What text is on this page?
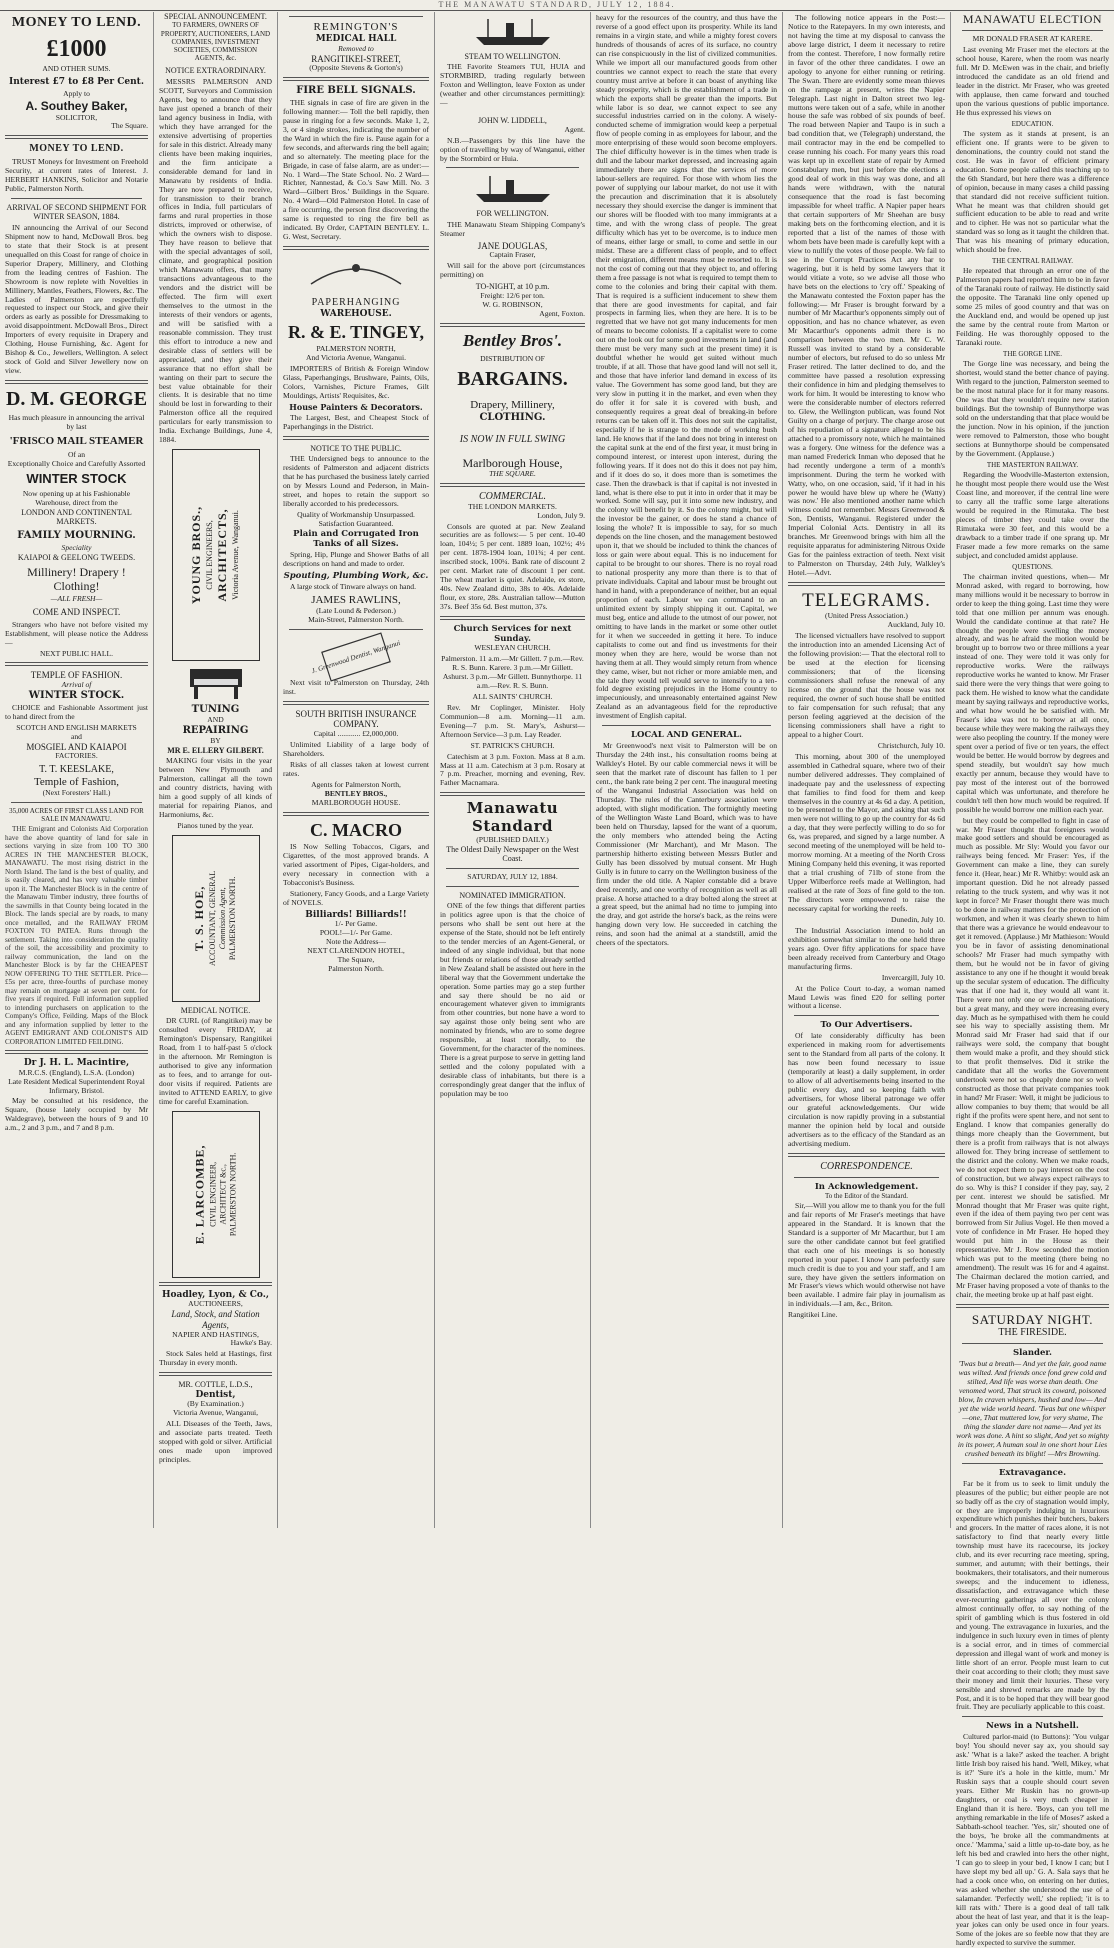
THE MANAWATU STANDARD, JULY 12, 1884.
MONEY TO LEND.
£1000
AND OTHER SUMS.
Interest £7 to £8 Per Cent.
Apply to
A. Southey Baker,
SOLICITOR,
The Square.
MONEY TO LEND.

TRUST Moneys for Investment on Freehold Security, at current rates of Interest. J. HERBERT HANKINS, Solicitor and Notarie Public, Palmerston North.

ARRIVAL OF SECOND SHIPMENT FOR WINTER SEASON, 1884.

IN announcing the Arrival of our Second Shipment now to hand, McDowall Bros. beg to state that their Stock is at present unequalled on this Coast for range of choice in Superior Drapery, Millinery, and Clothing from the leading centres of Fashion. The Showroom is now replete with Novelties in Millinery, Mantles, Feathers, Flowers, &c. The Ladies of Palmerston are respectfully requested to inspect our Stock, and give their orders as early as possible for Dressmaking to avoid disappointment. McDowall Bros., Direct Importers of every requisite in Drapery and Clothing, House Furnishing, &c. Agent for Bishop & Co., Jewellers, Wellington. A select stock of Gold and Silver Jewellery now on view.

D. M. GEORGE
Has much pleasure in announcing the arrival by last
'FRISCO MAIL STEAMER
Of an
Exceptionally Choice and Carefully Assorted
WINTER STOCK
Now opening up at his Fashionable Warehouse, direct from the
LONDON AND CONTINENTAL MARKETS.
FAMILY MOURNING.
Speciality
KAIAPOI & GEELONG TWEEDS.
Millinery! Drapery ! Clothing!
—ALL FRESH—
COME AND INSPECT.

Strangers who have not before visited my Establishment, will please notice the Address—

NEXT PUBLIC HALL.
TEMPLE OF FASHION.
Arrival of
WINTER STOCK.

CHOICE and Fashionable Assortment just to hand direct from the

SCOTCH AND ENGLISH MARKETS
and
MOSGIEL AND KAIAPOI
FACTORIES.
T. T. KEESLAKE,
Temple of Fashion,
(Next Foresters' Hall.)
35,000 ACRES OF FIRST CLASS LAND FOR SALE IN MANAWATU.

THE Emigrant and Colonists Aid Corporation have the above quantity of land for sale in sections varying in size from 100 TO 300 ACRES IN THE MANCHESTER BLOCK, MANAWATU. The most rising district in the North Island. The land is the best of quality, and is easily cleared, and has very valuable timber upon it. The Manchester Block is in the centre of the Manawatu Timber industry, three fourths of the sawmills in that County being located in the Block. The lands special are by roads, to many once metalled, and the RAILWAY FROM FOXTON TO PATEA. Runs through the settlement. Taking into consideration the quality of the soil, the accessibility and proximity to railway communication, the land on the Manchester Block is by far the CHEAPEST NOW OFFERING TO THE SETTLER. Price—£5s per acre, three-fourths of purchase money may remain on mortgage at seven per cent. for five years if required. Full information supplied to intending purchasers on application to the Company's Office, Feilding. Maps of the Block and any information supplied by letter to the AGENT EMIGRANT AND COLONIST'S AID CORPORATION LIMITED FEILDING.

Dr J. H. L. Macintire,
M.R.C.S. (England), L.S.A. (London)
Late Resident Medical Superintendent Royal Infirmary, Bristol.

May be consulted at his residence, the Square, (house lately occupied by Mr Waldegrave), between the hours of 9 and 10 a.m., 2 and 3 p.m., and 7 and 8 p.m.

SPECIAL ANNOUNCEMENT.
TO FARMERS, OWNERS OF PROPERTY, AUCTIONEERS, LAND COMPANIES, INVESTMENT SOCIETIES, COMMISSION AGENTS, &c.
NOTICE EXTRAORDINARY.

MESSRS PALMERSON AND SCOTT, Surveyors and Commission Agents, beg to announce that they have just opened a branch of their land agency business in India, with which they have arranged for the extensive advertising of properties for sale in this district. Already many clients have been making inquiries, and the firm anticipate a considerable demand for land in Manawatu by residents of India. They are now prepared to receive, for transmission to their branch offices in India, full particulars of farms and rural properties in those districts, improved or otherwise, of which the owners wish to dispose. They have reason to believe that with the special advantages of soil, climate, and geographical position which Manawatu offers, that many transactions advantageous to the vendors and the district will be effected. The firm will exert themselves to the utmost in the interests of their vendors or agents, and will be satisfied with a reasonable commission. They trust this effort to introduce a new and desirable class of settlers will be appreciated, and they give their assurance that no effort shall be wanting on their part to secure the best value obtainable for their clients. It is desirable that no time should be lost in forwarding to their Palmerston office all the required particulars for early transmission to India. Exchange Buildings, June 4, 1884.

YOUNG BROS., CIVIL ENGINEERS, ARCHITECTS, Victoria Avenue, Wanganui.
TUNING
AND
REPAIRING
BY
MR E. ELLERY GILBERT.

MAKING four visits in the year between New Plymouth and Palmerston, callingat all the town and country districts, having with him a good supply of all kinds of material for repairing Pianos, and Harmoniums, &c.

Pianos tuned by the year.
T. S. HOE, ACCOUNTANT, GENERAL Commission Agent, PALMERSTON NORTH.
MEDICAL NOTICE.

DR CURL (of Rangitikei) may be consulted every FRIDAY, at Remington's Dispensary, Rangitikei Road, from 1 to half-past 5 o'clock in the afternoon. Mr Remington is authorised to give any information as to fees, and to arrange for out-door visits if required. Patients are invited to ATTEND EARLY, to give time for careful Examination.

E. LARCOMBE, CIVIL ENGINEER, ARCHITECT &c., PALMERSTON NORTH.
Hoadley, Lyon, & Co.,
AUCTIONEERS,
Land, Stock, and Station Agents,
NAPIER AND HASTINGS,
Hawke's Bay.

Stock Sales held at Hastings, first Thursday in every month.

MR. COTTLE, L.D.S.,
Dentist,
(By Examination.)
Victoria Avenue, Wanganui,

ALL Diseases of the Teeth, Jaws, and associate parts treated. Teeth stopped with gold or silver. Artificial ones made upon improved principles.

REMINGTON'S
MEDICAL HALL
Removed to
RANGITIKEI-STREET,
(Opposite Stevens & Gorton's)
FIRE BELL SIGNALS.

THE signals in case of fire are given in the following manner:— Toll the bell rapidly, then pause in ringing for a few seconds. Make 1, 2, 3, or 4 single strokes, indicating the number of the Ward in which the fire is. Pause again for a few seconds, and afterwards ring the bell again; and so alternately. The meeting place for the Brigade, in case of false alarm, are as under:— No. 1 Ward—The State School. No. 2 Ward—Richter, Nannestad, & Co.'s Saw Mill. No. 3 Ward—Gilbert Bros.' Buildings in the Square. No. 4 Ward—Old Palmerston Hotel. In case of a fire occurring, the person first discovering the same is requested to ring the fire bell as indicated. By Order, CAPTAIN BENTLEY. L. G. West, Secretary.

PAPERHANGING
WAREHOUSE.
R. & E. TINGEY,
PALMERSTON NORTH,
And Victoria Avenue, Wanganui.

IMPORTERS of British & Foreign Window Glass, Paperhangings, Brushware, Paints, Oils, Colors, Varnishes, Picture Frames, Gilt Mouldings, Artists' Requisites, &c.

House Painters & Decorators.

The Largest, Best, and Cheapest Stock of Paperhangings in the District.

NOTICE TO THE PUBLIC.

THE Undersigned begs to announce to the residents of Palmerston and adjacent districts that he has purchased the business lately carried on by Messrs Lound and Pederson, in Main-street, and hopes to retain the support so liberally accorded to his predecessors.

Quality of Workmanship Unsurpassed.
Satisfaction Guaranteed.
Plain and Corrugated Iron Tanks of all Sizes.

Spring, Hip, Plunge and Shower Baths of all descriptions on hand and made to order.

Spouting, Plumbing Work, &c.

A large stock of Tinware always on hand.

JAMES RAWLINS,
(Late Lound & Pederson.)
Main-Street, Palmerston North.
J. Greenwood Dentist, Wanganui

Next visit to Palmerston on Thursday, 24th inst.

SOUTH BRITISH INSURANCE COMPANY.
Capital ............ £2,000,000.

Unlimited Liability of a large body of Shareholders.

Risks of all classes taken at lowest current rates.

Agents for Palmerston North,
BENTLEY BROS.,
MARLBOROUGH HOUSE.
C. MACRO

IS Now Selling Tobaccos, Cigars, and Cigarettes, of the most approved brands. A varied assortment of Pipes, Cigar-holders, and every necessary in connection with a Tobacconist's Business.

Stationery, Fancy Goods, and a Large Variety of NOVELS.

Billiards! Billiards!!
1/- Per Game.
POOL!—1/- Per Game.
Note the Address—
NEXT CLARENDON HOTEL,
The Square,
Palmerston North.
STEAM TO WELLINGTON.

THE Favorite Steamers TUI, HUIA and STORMBIRD, trading regularly between Foxton and Wellington, leave Foxton as under (weather and other circumstances permitting):—

JOHN W. LIDDELL,
Agent.

N.B.—Passengers by this line have the option of travelling by way of Wanganui, either by the Stormbird or Huia.

FOR WELLINGTON.

THE Manawatu Steam Shipping Company's Steamer

JANE DOUGLAS,
Captain Fraser,

Will sail for the above port (circumstances permitting) on

TO-NIGHT, at 10 p.m.
Freight: 12/6 per ton.
W. G. ROBINSON,
Agent, Foxton.
Bentley Bros'.
DISTRIBUTION OF
BARGAINS.
Drapery, Millinery,
CLOTHING.
IS NOW IN FULL SWING
Marlborough House,
THE SQUARE.
COMMERCIAL.
THE LONDON MARKETS.
London, July 9.

Consols are quoted at par. New Zealand securities are as follows:— 5 per cent. 10-40 loan, 104½; 5 per cent. 1889 loan, 102½; 4½ per cent. 1878-1904 loan, 101¾; 4 per cent. inscribed stock, 100¼. Bank rate of discount 2 per cent. Market rate of discount 1 per cent. The wheat market is quiet. Adelaide, ex store, 40s. New Zealand ditto, 38s to 40s. Adelaide flour, ex store, 28s. Australian tallow—Mutton 37s. Beef 35s 6d. Best mutton, 37s.

Church Services for next Sunday.
WESLEYAN CHURCH.

Palmerston. 11 a.m.—Mr Gillett. 7 p.m.—Rev. R. S. Bunn. Karere. 3 p.m.—Mr Gillett. Ashurst. 3 p.m.—Mr Gillett. Bunnythorpe. 11 a.m.—Rev. R. S. Bunn.

ALL SAINTS' CHURCH.

Rev. Mr Coplinger, Minister. Holy Communion—8 a.m. Morning—11 a.m. Evening—7 p.m. St. Mary's, Ashurst—Afternoon Service—3 p.m. Lay Reader.

ST. PATRICK'S CHURCH.

Catechism at 3 p.m. Foxton. Mass at 8 a.m. Mass at 11 a.m. Catechism at 3 p.m. Rosary at 7 p.m. Preacher, morning and evening, Rev. Father Macnamara.

Manawatu Standard
(PUBLISHED DAILY.)
The Oldest Daily Newspaper on the West Coast.
SATURDAY, JULY 12, 1884.
NOMINATED IMMIGRATION.

ONE of the few things that different parties in politics agree upon is that the choice of persons who shall be sent out here at the expense of the State, should not be left entirely to the tender mercies of an Agent-General, or indeed of any single individual, but that none but friends or relations of those already settled in New Zealand shall be assisted out here in the liberal way that the Government undertake the operation. Some parties may go a step further and say there should be no aid or encouragement whatever given to immigrants from other countries, but none have a word to say against those only being sent who are nominated by friends, who are to some degree responsible, at least morally, to the Government, for the character of the nominees. There is a great purpose to serve in getting land settled and the colony populated with a desirable class of inhabitants, but there is a correspondingly great danger that the influx of population may be too

heavy for the resources of the country, and thus have the reverse of a good effect upon its prosperity. While its land remains in a virgin state, and while a mighty forest covers hundreds of thousands of acres of its surface, no country can rise conspicuously in the list of civilized communities. While we import all our manufactured goods from other countries we cannot expect to reach the state that every country must arrive at before it can boast of anything like steady prosperity, which is the establishment of a trade in which the exports shall be greater than the imports. But while labor is so dear, we cannot expect to see any successful industries carried on in the colony. A wisely-conducted scheme of immigration would keep a perpetual flow of people coming in as employees for labour, and the more enterprising of these would soon become employers. The chief difficulty however is in the times when trade is dull and the labour market depressed, and increasing again immediately there are signs that the services of more labour-sellers are required. For those with whom lies the power of supplying our labour market, do not use it with the precaution and discrimination that it is absolutely necessary they should exercise the danger is imminent that our shores will be flooded with too many immigrants at a time, and with the wrong class of people. The great difficulty which has yet to be overcome, is to induce men of means, either large or small, to come and settle in our midst. These are a different class of people, and to effect their emigration, different means must be resorted to. It is not the cost of coming out that they object to, and offering them a free passage is not what is required to tempt them to come to the colonies and bring their capital with them. That is required is a sufficient inducement to shew them that there are good investments for capital, and fair prospects in farming lies, when they are here. It is to be regretted that we have not got many inducements for men of means to become colonists. If a capitalist were to come out on the look out for some good investments in land (and there must be very many such at the present time) it is doubtful whether he would get suited without much trouble, if at all. Those that have good land will not sell it, and those that have inferior land demand in excess of its value. The Government has some good land, but they are very slow in putting it in the market, and even when they do offer it for sale it is covered with bush, and consequently requires a great deal of breaking-in before returns can be taken off it. This does not suit the capitalist, especially if he is strange to the mode of working bush land. He knows that if the land does not bring in interest on the capital sunk at the end of the first year, it must bring in compound interest, or interest upon interest, during the following years. If it does not do this it does not pay him, and if it does do so, it does more than is sometimes the case. Then the drawback is that if capital is not invested in land, what is there else to put it into in order that it may be worked. Some will say, put it into some new industry, and the colony will benefit by it. So the colony might, but will the investor be the gainer, or does he stand a chance of losing the whole? It is impossible to say, for so much depends on the line chosen, and the management bestowed upon it, that we should be included to think the chances of loss or gain were about equal. This is no inducement for capital to be brought to our shores. There is no royal road to national prosperity any more than there is to that of private individuals. Capital and labour must be brought out hand in hand, with a preponderance of neither, but an equal proportion of each. Labour we can command to an unlimited extent by simply shipping it out. Capital, we must beg, entice and allude to the utmost of our power, not omitting to have lands in the market or some other outlet for it when we succeeded in getting it here. To induce capitalists to come out and find us investments for their money when they are here, would be worse than not having them at all. They would simply return from whence they came, wiser, but not richer or more amiable men, and the tale they would tell would serve to intensify to a ten-fold degree existing prejudices in the Home country to impecuniously, and unreasonably entertained against New Zealand as an advantageous field for the reproductive investment of English capital.

LOCAL AND GENERAL.

Mr Greenwood's next visit to Palmerston will be on Thursday the 24th inst., his consultation rooms being at Walkley's Hotel. By our cable commercial news it will be seen that the market rate of discount has fallen to 1 per cent., the bank rate being 2 per cent. The inaugural meeting of the Wanganui Industrial Association was held on Thursday. The rules of the Canterbury association were adopted, with slight modification. The fortnightly meeting of the Wellington Waste Land Board, which was to have been held on Thursday, lapsed for the want of a quorum, the only members who attended being the Acting Commissioner (Mr Marchant), and Mr Mason. The partnership hitherto existing between Messrs Butler and Gully has been dissolved by mutual consent. Mr Hugh Gully is in future to carry on the Wellington business of the firm under the old title. A Napier constable did a brave deed recently, and one worthy of recognition as well as all praise. A horse attached to a dray bolted along the street at a great speed, but the animal had no time to jumping into the dray, and got astride the horse's back, as the reins were hanging down very low. He succeeded in catching the reins, and soon had the animal at a standstill, amid the cheers of the spectators.

The following notice appears in the Post:—Notice to the Ratepayers. In my own interests, and not having the time at my disposal to canvass the above large district, I deem it necessary to retire from the contest. Therefore, I now formally retire in favor of the other three candidates. I owe an apology to anyone for either running or retiring. The Swan. There are evidently some mean thieves on the rampage at present, writes the Napier Telegraph. Last night in Dalton street two leg-muttons were taken out of a safe, while in another house the safe was robbed of six pounds of beef. The road between Napier and Taupo is in such a bad condition that, we (Telegraph) understand, the mail contractor may in the end be compelled to cease running his coach. For many years this road was kept up in excellent state of repair by Armed Constabulary men, but just before the elections a good deal of work in this way was done, and all hands were withdrawn, with the natural consequence that the road is fast becoming impassible for wheel traffic. A Napier paper hears that certain supporters of Mr Sheehan are busy making bets on the forthcoming election, and it is reported that a list of the names of those with whom bets have been made is carefully kept with a view to nullify the votes of those people. We fail to see in the Corrupt Practices Act any bar to wagering, but it is held by some lawyers that it would vitiate a vote, so we advise all those who have bets on the elections to 'cry off.' Speaking of the Manawatu contested the Foxton paper has the following:— Mr Fraser is brought forward by a number of Mr Macarthur's opponents simply out of opposition, and has no chance whatever, as even Mr Macarthur's opponents admit there is no comparison between the two men. Mr C. W. Russell was invited to stand by a considerable number of electors, but refused to do so unless Mr Fraser retired. The latter declined to do, and the committee have passed a resolution expressing their confidence in him and pledging themselves to work for him. It would be interesting to know who were the considerable number of electors referred to. Glew, the Wellington publican, was found Not Guilty on a charge of perjury. The charge arose out of his repudiation of a signature alleged to be his attached to a promissory note, which he maintained was a forgery. One witness for the defence was a man named Frederick Inman who deposed that he had recently undergone a term of a month's imprisonment. During the term he worked with Watty, who, on one occasion, said, 'if it had in his power he would have blew up where he (Watty) was now.' He also mentioned another name which witness could not remember. Messrs Greenwood & Son, Dentists, Wanganui. Registered under the Imperial Colonial Acts. Dentistry in all its branches. Mr Greenwood brings with him all the requisite apparatus for administering Nitrous Oxide Gas for the painless extraction of teeth. Next visit to Palmerston on Thursday, 24th July, Walkley's Hotel.—Advt.

TELEGRAMS.
(United Press Association.)
Auckland, July 10.

The licensed victuallers have resolved to support the introduction into an amended Licensing Act of the following provision:— That the electoral roll to be used at the election for licensing commissioners; that of the licensing commissioners shall refuse the renewal of any license on the ground that the house was not required, the owner of such house shall be entitled to fair compensation for such refusal; that any person feeling aggrieved at the decision of the licensing commissioners shall have a right to appeal to a higher Court.

Christchurch, July 10.

This morning, about 300 of the unemployed assembled in Cathedral square, where two of their number delivered addresses. They complained of inadequate pay and the uselessness of expecting that families to find food for them and keep themselves in the country at 4s 6d a day. A petition, to be presented to the Mayor, and asking that such men were not willing to go up the country for 4s 6d a day, that they were perfectly willing to do so for 6s, was prepared, and signed by a large number. A second meeting of the unemployed will be held to-morrow morning. At a meeting of the North Cross Mining Company held this evening, it was reported that a trial crushing of 71lb of stone from the Upper Wilberforce reefs made at Wellington, had realised at the rate of 3ozs of fine gold to the ton. The directors were empowered to raise the necessary capital for working the reefs.

Dunedin, July 10.

The Industrial Association intend to hold an exhibition somewhat similar to the one held three years ago. Over fifty applications for space have been already received from Canterbury and Otago manufacturing firms.

Invercargill, July 10.

At the Police Court to-day, a woman named Maud Lewis was fined £20 for selling porter without a license.

To Our Advertisers.

Of late considerably difficulty has been experienced in making room for advertisements sent to the Standard from all parts of the colony. It has now been found necessary to issue (temporarily at least) a daily supplement, in order to allow of all advertisements being inserted to the public every day, and so keeping faith with advertisers, for whose liberal patronage we offer our grateful acknowledgements. Our wide circulation is now rapidly proving in a substantial manner the opinion held by local and outside advertisers as to the efficacy of the Standard as an advertising medium.

CORRESPONDENCE.
In Acknowledgement.
To the Editor of the Standard.

Sir,—Will you allow me to thank you for the full and fair reports of Mr Fraser's meetings that have appeared in the Standard. It is known that the Standard is a supporter of Mr Macarthur, but I am sure the other candidate cannot but feel gratified that each one of his meetings is so honestly reported in your paper. I know I am perfectly sure much credit is due to you and your staff, and I am sure, they have given the settlers information on Mr Fraser's views which would otherwise not have been available. I admire fair play in journalism as in individuals.—I am, &c., Briton.

Rangitikei Line.
MANAWATU ELECTION
MR DONALD FRASER AT KARERE.

Last evening Mr Fraser met the electors at the school house, Karere, when the room was nearly full. Mr D. McEwen was in the chair, and briefly introduced the candidate as an old friend and leader in the district. Mr Fraser, who was greeted with applause, then came forward and touched upon the various questions of public importance. He thus expressed his views on

EDUCATION.

The system as it stands at present, is an efficient one. If grants were to be given to denominations, the country could not stand the cost. He was in favor of efficient primary education. Some people called this teaching up to the 6th Standard, but here there was a difference of opinion, because in many cases a child passing that standard did not receive sufficient tuition. What he meant was that children should get sufficient education to be able to read and write and to cipher. He was not so particular what the standard was so long as it taught the children that. That was his meaning of primary education, which should be free.

THE CENTRAL RAILWAY.

He repeated that through an error one of the Palmerston papers had reported him to be in favor of the Taranaki route of railway. He distinctly said the opposite. The Taranaki line only opened up some 25 miles of good country and that was on the Auckland end, and would be opened up just the same by the central route from Marton or Feilding. He was thoroughly opposed to the Taranaki route.

THE GORGE LINE.

The Gorge line was necessary, and being the shortest, would stand the better chance of paying. With regard to the junction, Palmerston seemed to be the most natural place for it for many reasons. One was that they wouldn't require new station buildings. But the township of Bunnythorpe was sold on the understanding that that place would be the junction. Now in his opinion, if the junction were removed to Palmerston, those who bought sections at Bunnythorpe should be compensated by the Government. (Applause.)

THE MASTERTON RAILWAY.

Regarding the Woodville-Masterton extension, he thought most people there would use the West Coast line, and moreover, if the central line were to carry all the traffic some large alterations would be required in the Rimutaka. The best pieces of timber they could take over the Rimutaka were 30 feet, and this would be a drawback to a timber trade if one sprang up. Mr Fraser made a few more remarks on the same subject, and concluded amidst applause.

QUESTIONS.

The chairman invited questions, when— Mr Monrad asked, with regard to borrowing, how many millions would it be necessary to borrow in order to keep the thing going. Last time they were told that one million per annum was enough. Would the candidate continue at that rate? He thought the people were swelling the money already, and was he afraid the motion would be brought up to borrow two or three millions a year instead of one. They were told it was only for reproductive works. Were the railways reproductive works he wanted to know. Mr Fraser said there were the very things that were going to pack them. He wished to know what the candidate meant by saying railways and reproductive works, and what how would he be satisfied with. Mr Fraser's idea was not to borrow at all once, because while they were making the railways they were also peopling the country. If the money were spent over a period of five or ten years, the effect would be better. He would borrow by degrees and spend steadily, but wouldn't say how much exactly per annum, because they would have to pay most of the interest out of the borrowed capital which was unfortunate, and therefore he couldn't tell then how much would be required. If possible he would borrow one million each year.

but they could be compelled to fight in case of war. Mr Fraser thought that foreigners would make good settlers and should be encouraged as much as possible. Mr Sly: Would you favor our railways being fenced. Mr Fraser: Yes, if the Government can make a line, they can surely fence it. (Hear, hear.) Mr R. Whitby: would ask an important question. Did he not already passed relating to the truck system, and why was it not kept in force? Mr Fraser thought there was much to be done in railway matters for the protection of workmen, and when it was clearly shewn to him that there was a grievance he would endeavour to get it removed. (Applause.) Mr Mathieson: Would you be in favor of assisting denominational schools? Mr Fraser had much sympathy with them, but he would not be in favor of giving assistance to any one if he thought it would break up the secular system of education. The difficulty was that if one had it, they would all want it. There were not only one or two denominations, but a great many, and they were increasing every day. Much as he sympathised with them he could see his way to specially assisting them. Mr Monrad said Mr Fraser had said that if our railways were sold, the company that bought them would make a profit, and they should stick to that profit themselves. Did it strike the candidate that all the works the Government undertook were not so cheaply done nor so well constructed as those that private companies took in hand? Mr Fraser: Well, it might be judicious to allow companies to buy them; that would be all right if the profits were spent here, and not sent to England. I know that companies generally do things more cheaply than the Government, but there is a profit from railways that is not always allowed for. They bring increase of settlement to the district and the colony. When we make roads, we do not expect them to pay interest on the cost of construction, but we always expect railways to do so. Why is this? I consider if they pay, say, 2 per cent. interest we should be satisfied. Mr Monrad thought that Mr Fraser was quite right, even if the idea of them paying two per cent was borrowed from Sir Julius Vogel. He then moved a vote of confidence in Mr Fraser. He hoped they would put him in the House as their representative. Mr J. Row seconded the motion which was put to the meeting (there being no amendment). The result was 16 for and 4 against. The Chairman declared the motion carried, and Mr Fraser having proposed a vote of thanks to the chair, the meeting broke up at half past eight.

SATURDAY NIGHT.
THE FIRESIDE.
Slander.

'Twas but a breath— And yet the fair, good name was wilted. And friends once fond grew cold and stilted, And life was worse than death. One venomed word, That struck its coward, poisoned blow, In craven whispers, hushed and low— And yet the wide world heard. 'Twas but one whisper—one, That muttered low, for very shame, The thing the slander dare not name— And yet its work was done. A hint so slight, And yet so mighty in its power, A human soul in one short hour Lies crushed beneath its blight! —Mrs Browning.

Extravagance.

Far be it from us to seek to limit unduly the pleasures of the public; but either people are not so badly off as the cry of stagnation would imply, or they are improperly indulging in luxurious expenditure which punishes their butchers, bakers and grocers. In the matter of races alone, it is not satisfactory to find that nearly every little township must have its racecourse, its jockey club, and its ever recurring race meeting, spring, summer, and autumn; with their bettings, their bookmakers, their totalisators, and their numerous sweeps; and the inducement to idleness, dissatisfaction, and extravagance which these ever-recurring gatherings all over the colony almost continually offer, to say nothing of the spirit of gambling which is thus fostered in old and young. The extravagance in luxuries, and the indulgence in such luxury even in times of plenty is a social error, and in times of commercial depression and illegal want of work and money is little short of an error. People must learn to cut their coat according to their cloth; they must save their money and limit their luxuries. These very sensible and shrewd remarks are made by the Post, and it is to be hoped that they will bear good fruit. They are peculiarly applicable to this coast.

News in a Nutshell.

Cultured parlor-maid (to Buttons): 'You vulgar boy! You should never say ax, you should say ask.' 'What is a lake?' asked the teacher. A bright little Irish boy raised his hand. 'Well, Mikey, what is it?' 'Sure it's a hole in the kittle, mum.' Mr Ruskin says that a couple should court seven years. Either Mr Ruskin has no grown-up daughters, or coal is very much cheaper in England than it is here. 'Boys, can you tell me anything remarkable in the life of Moses?' asked a Sabbath-school teacher. 'Yes, sir,' shouted one of the boys, 'he broke all the commandments at once.' 'Mamma,' said a little up-to-date boy, as he left his bed and crawled into hers the other night, 'I can go to sleep in your bed, I know I can; but I have slept my bed all up.' G. A. Sala says that he had a cook once who, on entering on her duties, was asked whether she understood the use of a salamander. 'Perfectly well,' she replied; 'it is to kill rats with.' There is a good deal of tall talk about the heat of last year, and that it is the leap-year jokes can only be used once in four years. Some of the jokes are so feeble now that they are hardly expected to survive the summer.
